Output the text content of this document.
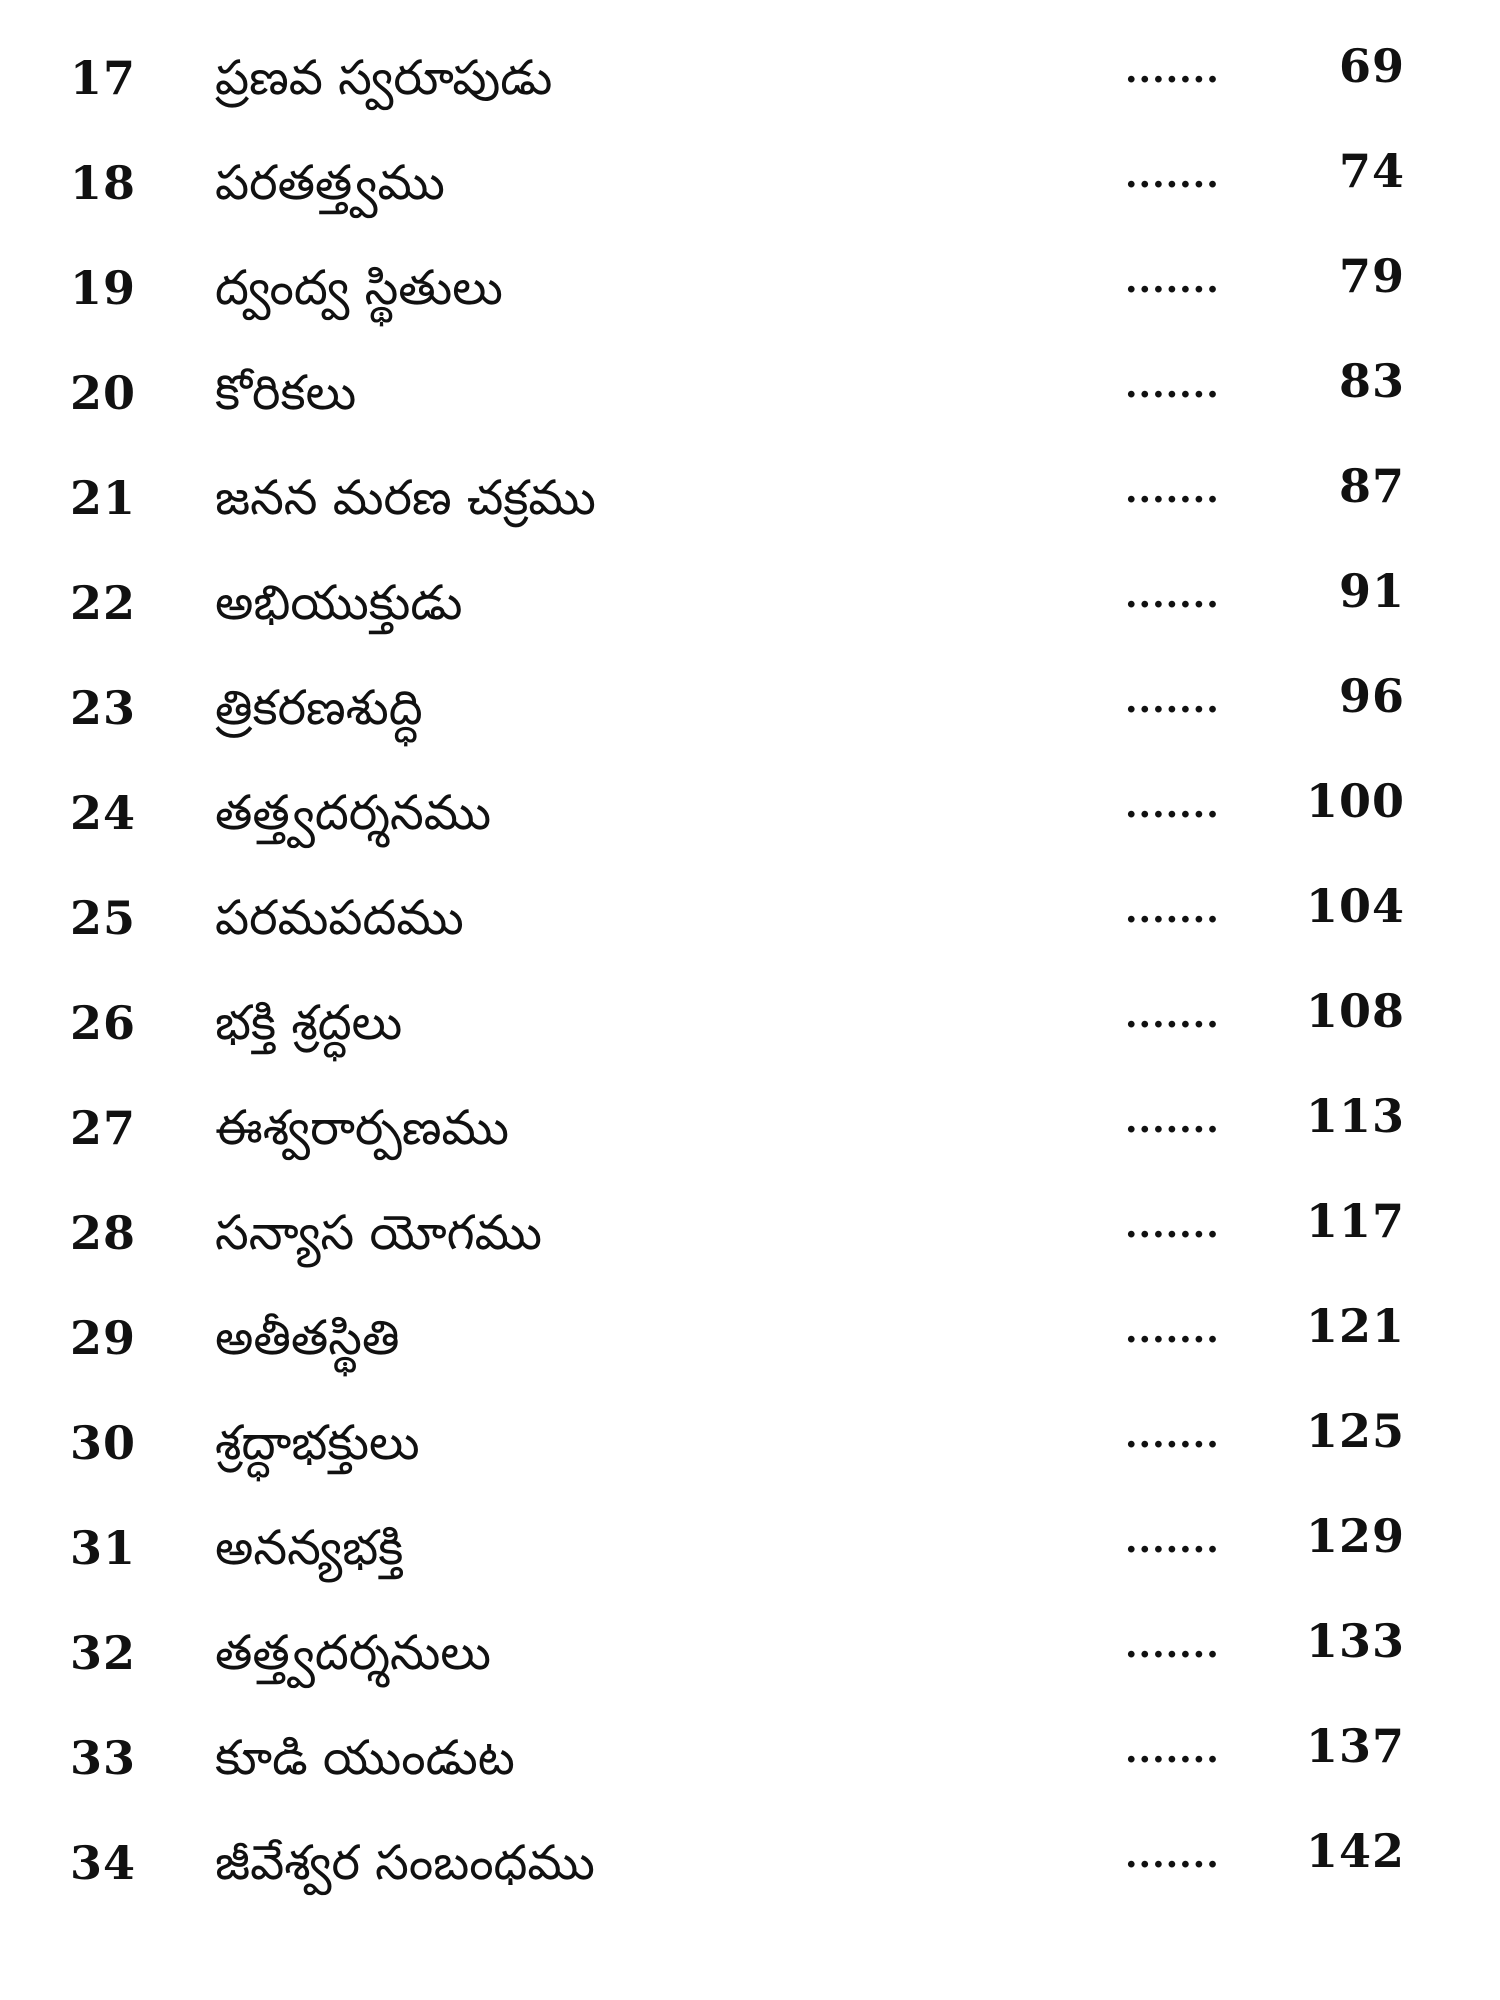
17	ప్రణవ స్వరూపుడు	.......	69
18	పరతత్త్వము	.......	74
19	ద్వంద్వ స్థితులు	.......	79
20	కోరికలు	.......	83
21	జనన మరణ చక్రము	.......	87
22	అభియుక్తుడు	.......	91
23	త్రికరణశుద్ధి	.......	96
24	తత్త్వదర్శనము	....... 100
25	పరమపదము	....... 104
26	భక్తి శ్రద్ధలు	....... 108
27	ఈశ్వరార్పణము	....... 113
28	సన్యాస యోగము	....... 117
29	అతీతస్థితి	....... 121
30	శ్రద్ధాభక్తులు	....... 125
31	అనన్యభక్తి	....... 129
32	తత్త్వదర్శనులు	....... 133
33	కూడి యుండుట	....... 137
34	జీవేశ్వర సంబంధము	....... 142
